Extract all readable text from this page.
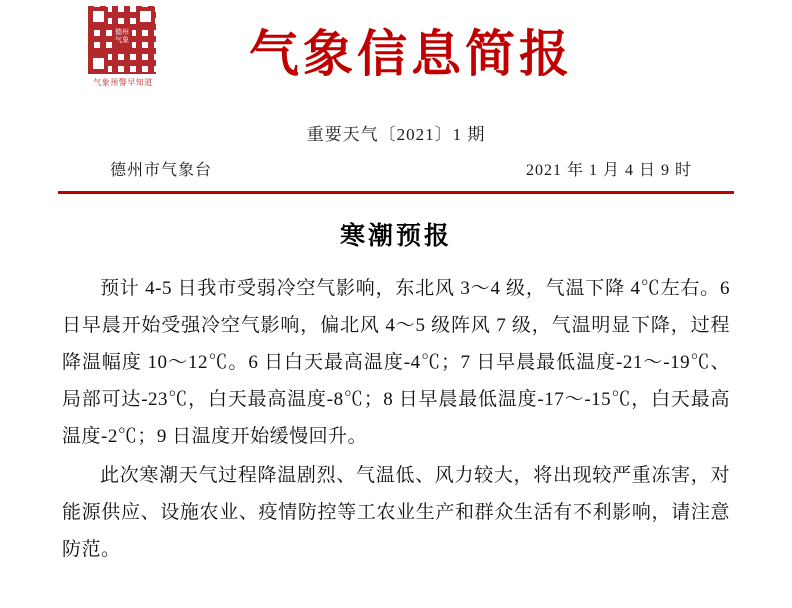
德州气象
气象预警早知道	气象信息简报
重要天气〔2021〕1 期
德州市气象台	2021 年 1 月 4 日 9 时
寒潮预报

预计 4-5 日我市受弱冷空气影响，东北风 3～4 级，气温下降 4℃左右。6 日早晨开始受强冷空气影响，偏北风 4～5 级阵风 7 级，气温明显下降，过程降温幅度 10～12℃。6 日白天最高温度-4℃；7 日早晨最低温度-21～-19℃、局部可达-23℃，白天最高温度-8℃；8 日早晨最低温度-17～-15℃，白天最高温度-2℃；9 日温度开始缓慢回升。

此次寒潮天气过程降温剧烈、气温低、风力较大，将出现较严重冻害，对能源供应、设施农业、疫情防控等工农业生产和群众生活有不利影响，请注意防范。
